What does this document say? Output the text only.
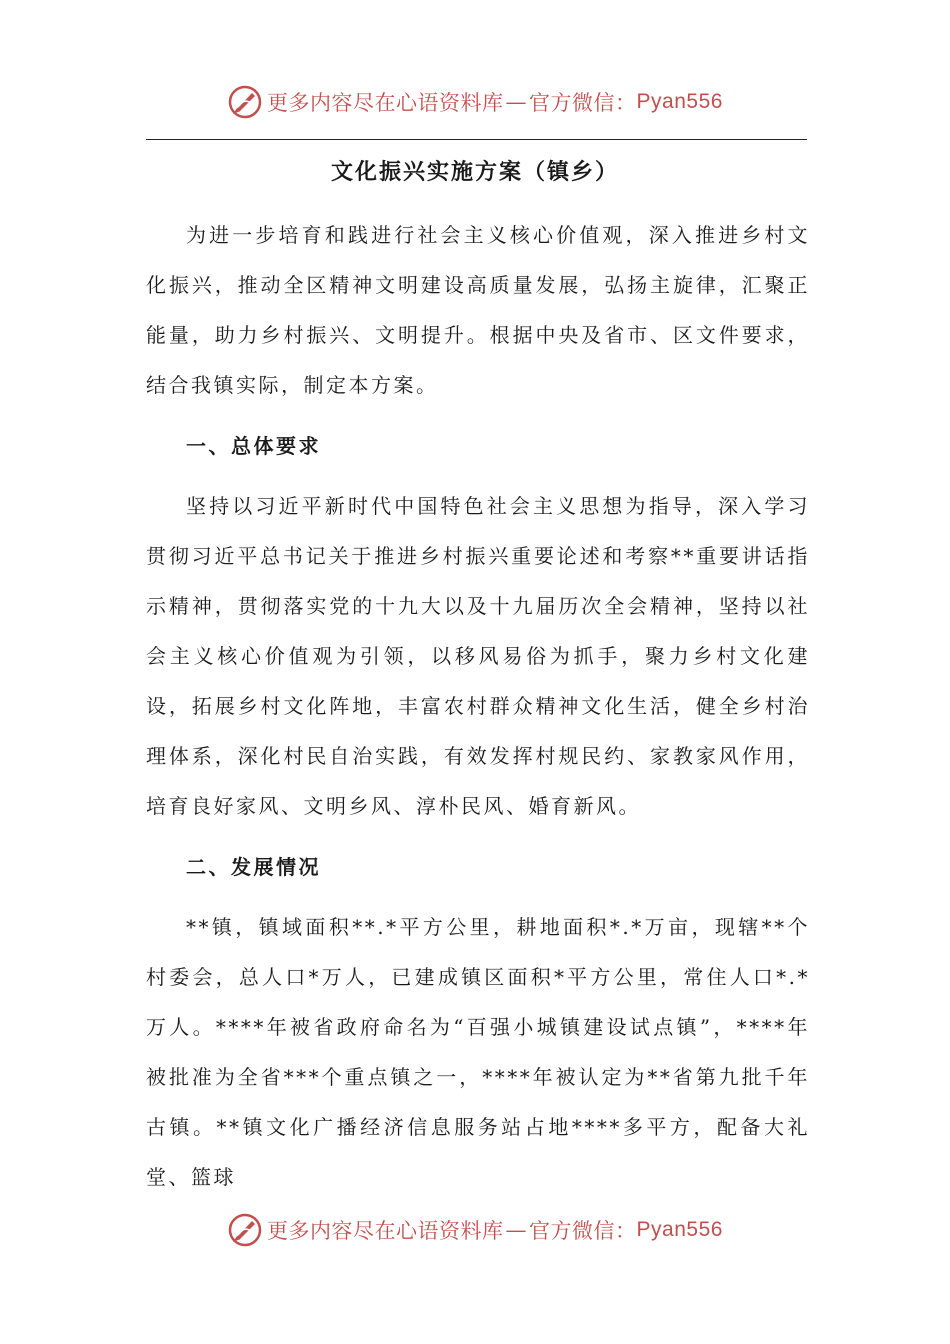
更多内容尽在心语资料库 — 官方微信： Pyan556
文化振兴实施方案（镇乡）

为进一步培育和践进行社会主义核心价值观，深入推进乡村文化振兴，推动全区精神文明建设高质量发展，弘扬主旋律，汇聚正能量，助力乡村振兴、文明提升。根据中央及省市、区文件要求，结合我镇实际，制定本方案。

一、总体要求

坚持以习近平新时代中国特色社会主义思想为指导，深入学习贯彻习近平总书记关于推进乡村振兴重要论述和考察**重要讲话指示精神，贯彻落实党的十九大以及十九届历次全会精神，坚持以社会主义核心价值观为引领，以移风易俗为抓手，聚力乡村文化建设，拓展乡村文化阵地，丰富农村群众精神文化生活，健全乡村治理体系，深化村民自治实践，有效发挥村规民约、家教家风作用，培育良好家风、文明乡风、淳朴民风、婚育新风。

二、发展情况

**镇，镇域面积**.*平方公里，耕地面积*.*万亩，现辖**个村委会，总人口*万人，已建成镇区面积*平方公里，常住人口*.*万人。****年被省政府命名为“百强小城镇建设试点镇”，****年被批准为全省***个重点镇之一，****年被认定为**省第九批千年古镇。**镇文化广播经济信息服务站占地****多平方，配备大礼堂、篮球

更多内容尽在心语资料库 — 官方微信： Pyan556
